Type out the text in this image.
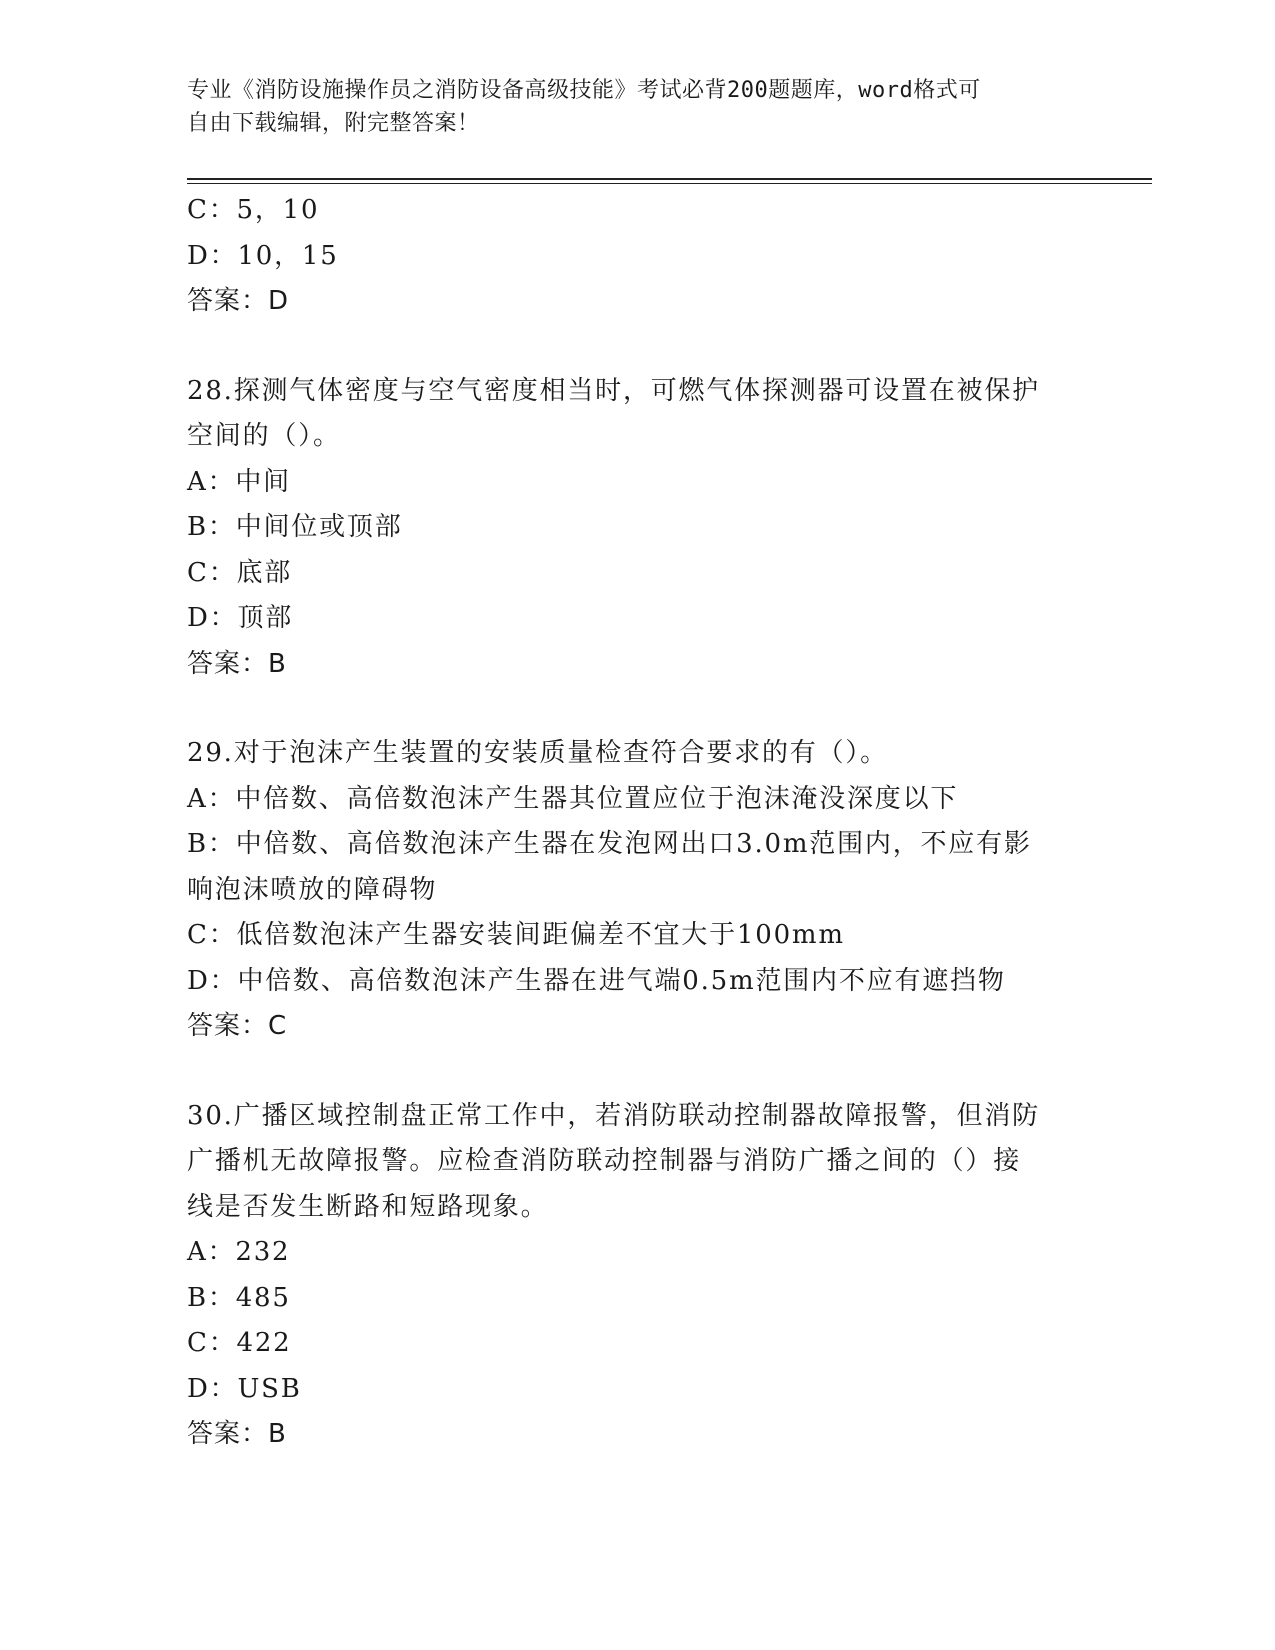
专业《消防设施操作员之消防设备高级技能》考试必背200题题库，word格式可
自由下载编辑，附完整答案！
C：5，10
D：10，15
答案：D
28.探测气体密度与空气密度相当时，可燃气体探测器可设置在被保护
空间的（）。
A：中间
B：中间位或顶部
C：底部
D：顶部
答案：B
29.对于泡沫产生装置的安装质量检查符合要求的有（）。
A：中倍数、高倍数泡沫产生器其位置应位于泡沫淹没深度以下
B：中倍数、高倍数泡沫产生器在发泡网出口3.0m范围内，不应有影
响泡沫喷放的障碍物
C：低倍数泡沫产生器安装间距偏差不宜大于100mm
D：中倍数、高倍数泡沫产生器在进气端0.5m范围内不应有遮挡物
答案：C
30.广播区域控制盘正常工作中，若消防联动控制器故障报警，但消防
广播机无故障报警。应检查消防联动控制器与消防广播之间的（）接
线是否发生断路和短路现象。
A：232
B：485
C：422
D：USB
答案：B
